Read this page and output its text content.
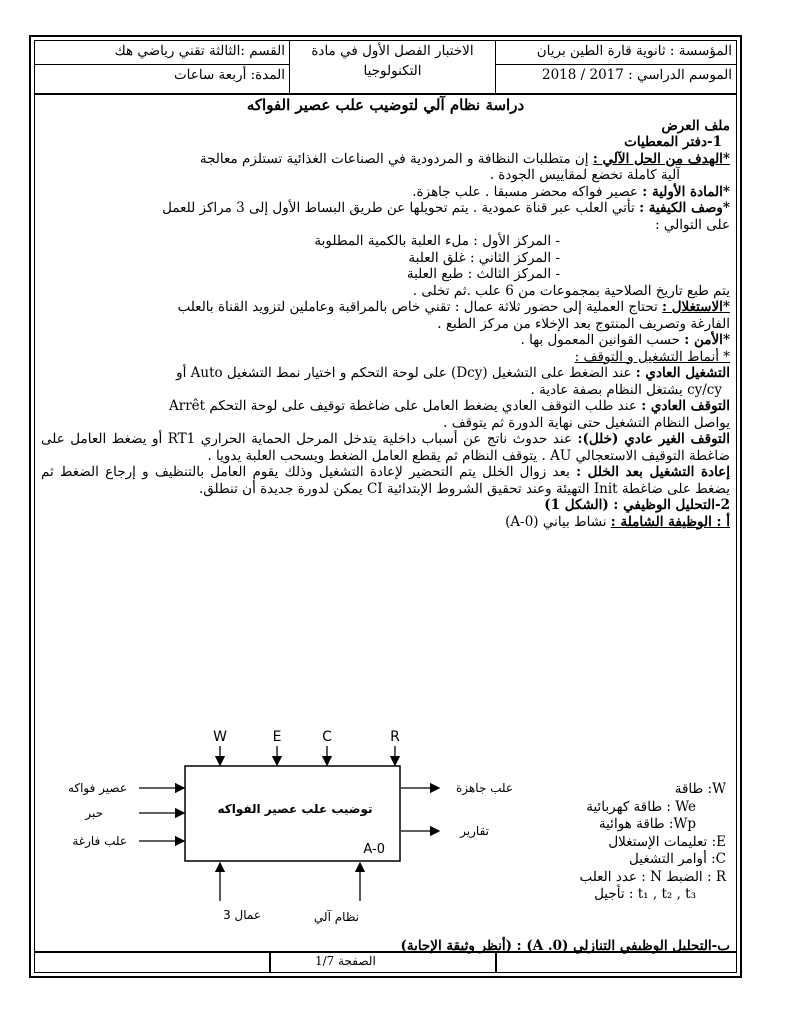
المؤسسة : ثانوية قارة الطين بريان
الموسم الدراسي : 2017 / 2018
الاختبار الفصل الأول في مادة
التكنولوجيا
القسم :الثالثة تقني رياضي هك
المدة: أربعة ساعات

دراسة نظام آلي لتوضيب علب عصير الفواكه

ملف العرض

1-دفتر المعطيات

*الهدف من الحل الآلي : إن متطلبات النظافة و المردودية في الصناعات الغذائية تستلزم معالجة

آلية كاملة تخضع لمقاييس الجودة .

*المادة الأولية : عصير فواكه محضر مسبقا . علب جاهزة.

*وصف الكيفية : تأتي العلب عبر قناة عمودية . يتم تحويلها عن طريق البساط الأول إلى 3 مراكز للعمل

على التوالي :

- المركز الأول : ملء العلبة بالكمية المطلوبة

- المركز الثاني : غلق العلبة

- المركز الثالث : طبع العلبة

يتم طبع تاريخ الصلاحية بمجموعات من 6 علب .ثم تخلى .

*الاستغلال : تحتاج العملية إلى حضور ثلاثة عمال : تقني خاص بالمراقبة وعاملين لتزويد القناة بالعلب

الفارغة وتصريف المنتوج بعد الإخلاء من مركز الطبع .

*الأمن : حسب القوانين المعمول بها .

* أنماط التشغيل و التوقف :

التشغيل العادي : عند الضغط على التشغيل (Dcy) على لوحة التحكم و اختيار نمط التشغيل Auto أو

cy/cy يشتغل النظام بصفة عادية .

التوقف العادي : عند طلب التوقف العادي يضغط العامل على ضاغطة توقيف على لوحة التحكم Arrêt

يواصل النظام التشغيل حتى نهاية الدورة ثم يتوقف .

التوقف الغير عادي (خلل): عند حدوث ناتج عن أسباب داخلية يتدخل المرحل الحماية الحراري RT1 أو يضغط العامل على ضاغطة التوقيف الاستعجالي AU . يتوقف النظام ثم يقطع العامل الضغط ويسحب العلبة يدويا .

إعادة التشغيل بعد الخلل : بعد زوال الخلل يتم التحضير لإعادة التشغيل وذلك يقوم العامل بالتنظيف و إرجاع الضغط ثم يضغط على ضاغطة Init التهيئة وعند تحقيق الشروط الإبتدائية CI يمكن لدورة جديدة أن تنطلق.

2-التحليل الوظيفي : (الشكل 1)

أ : الوظيفة الشاملة : نشاط بياني (A-0)

توضيب علب عصير الفواكه
A-0
W	E	C	R
عصير فواكه
حبر
علب فارغة
علب جاهزة
تقارير
3 عمال	نظام آلي

W: طاقة

We : طاقة كهربائية

Wp: طاقة هوائية

E: تعليمات الإستغلال

C: أوامر التشغيل

R : الضبط N : عدد العلب

t₁ , t₂ , t₃ : تأجيل

ب-التحليل الوظيفي التنازلي (A .0) : (أنظر وثيقة الإجابة)

الصفحة 1/7
